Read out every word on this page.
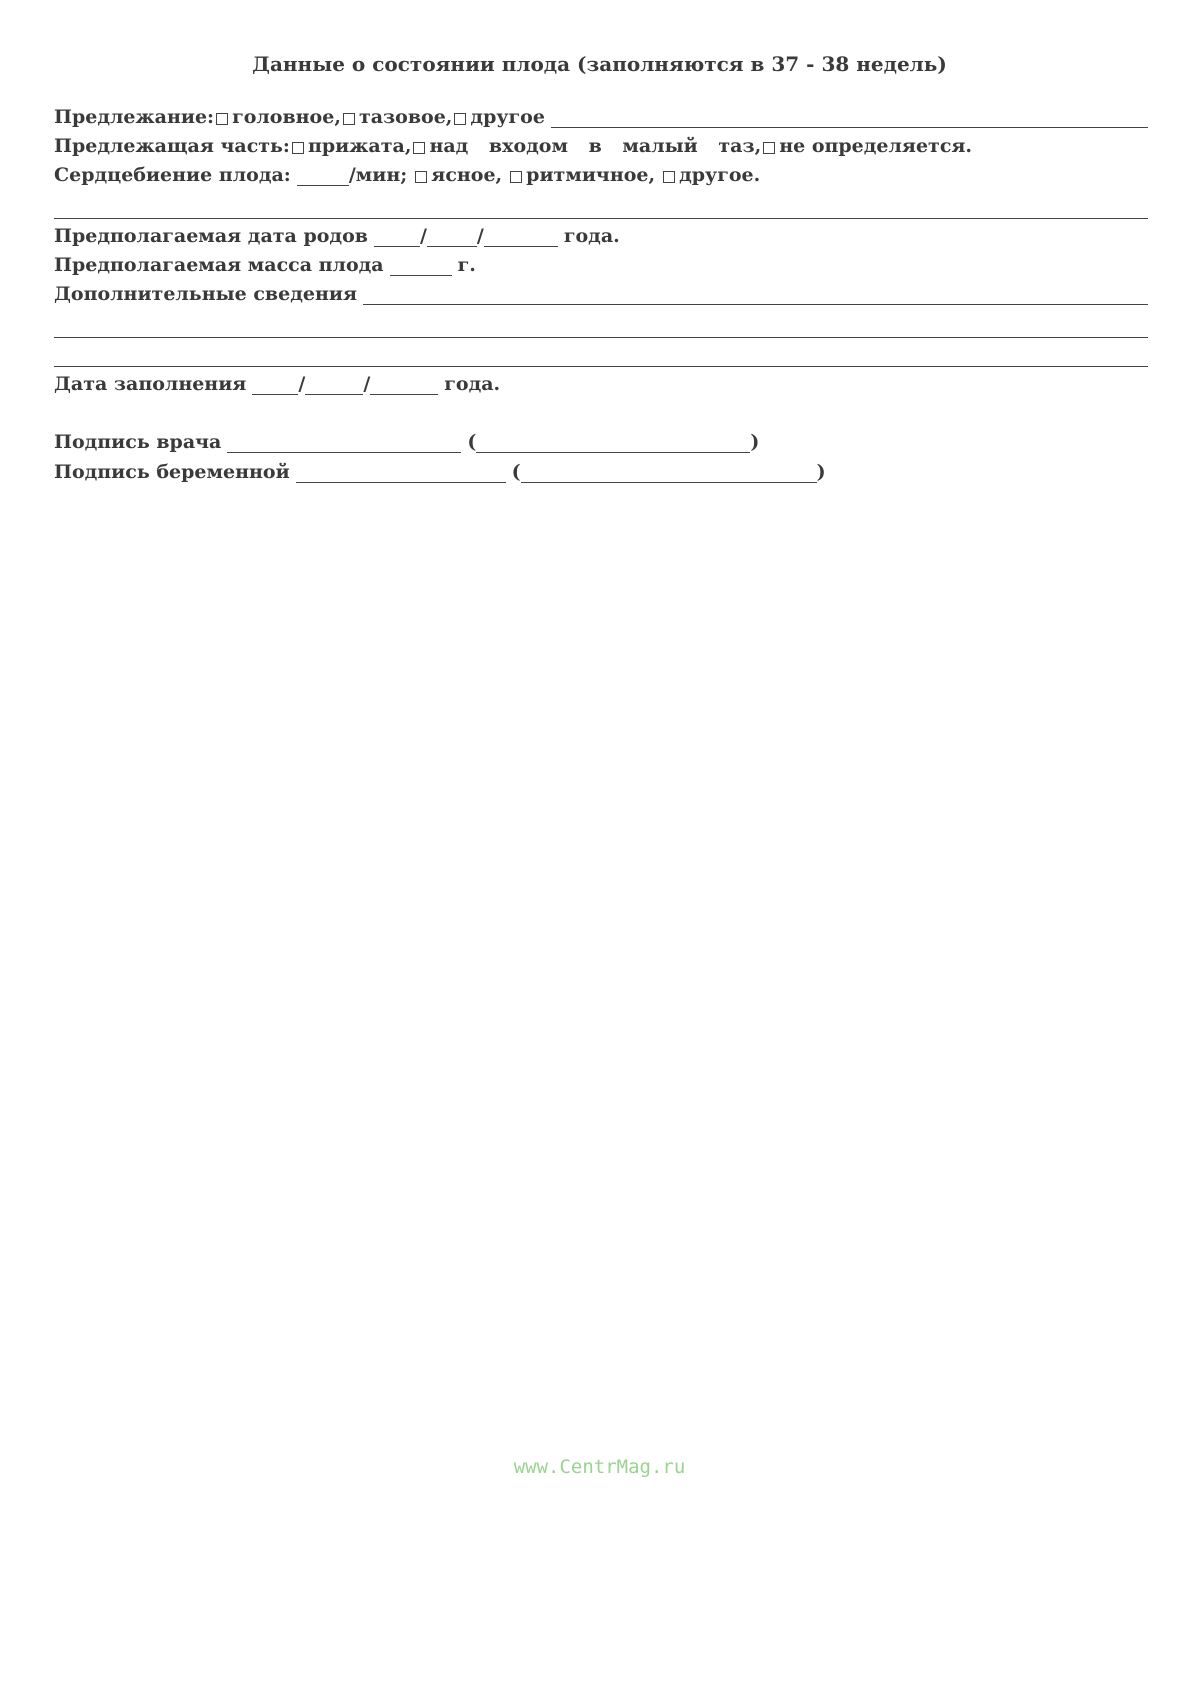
Данные о состоянии плода (заполняются в 37 - 38 недель)
Предлежание: головное, тазовое, другое
Предлежащая часть: прижата, над входом в малый таз, не определяется.
Сердцебиение плода:	/мин; ясное, ритмичное, другое.
Предполагаемая дата родов	/	/	года.
Предполагаемая масса плода	г.
Дополнительные сведения
Дата заполнения	/	/	года.
Подпись врача	(	)
Подпись беременной	(	)
www.CentrMag.ru
